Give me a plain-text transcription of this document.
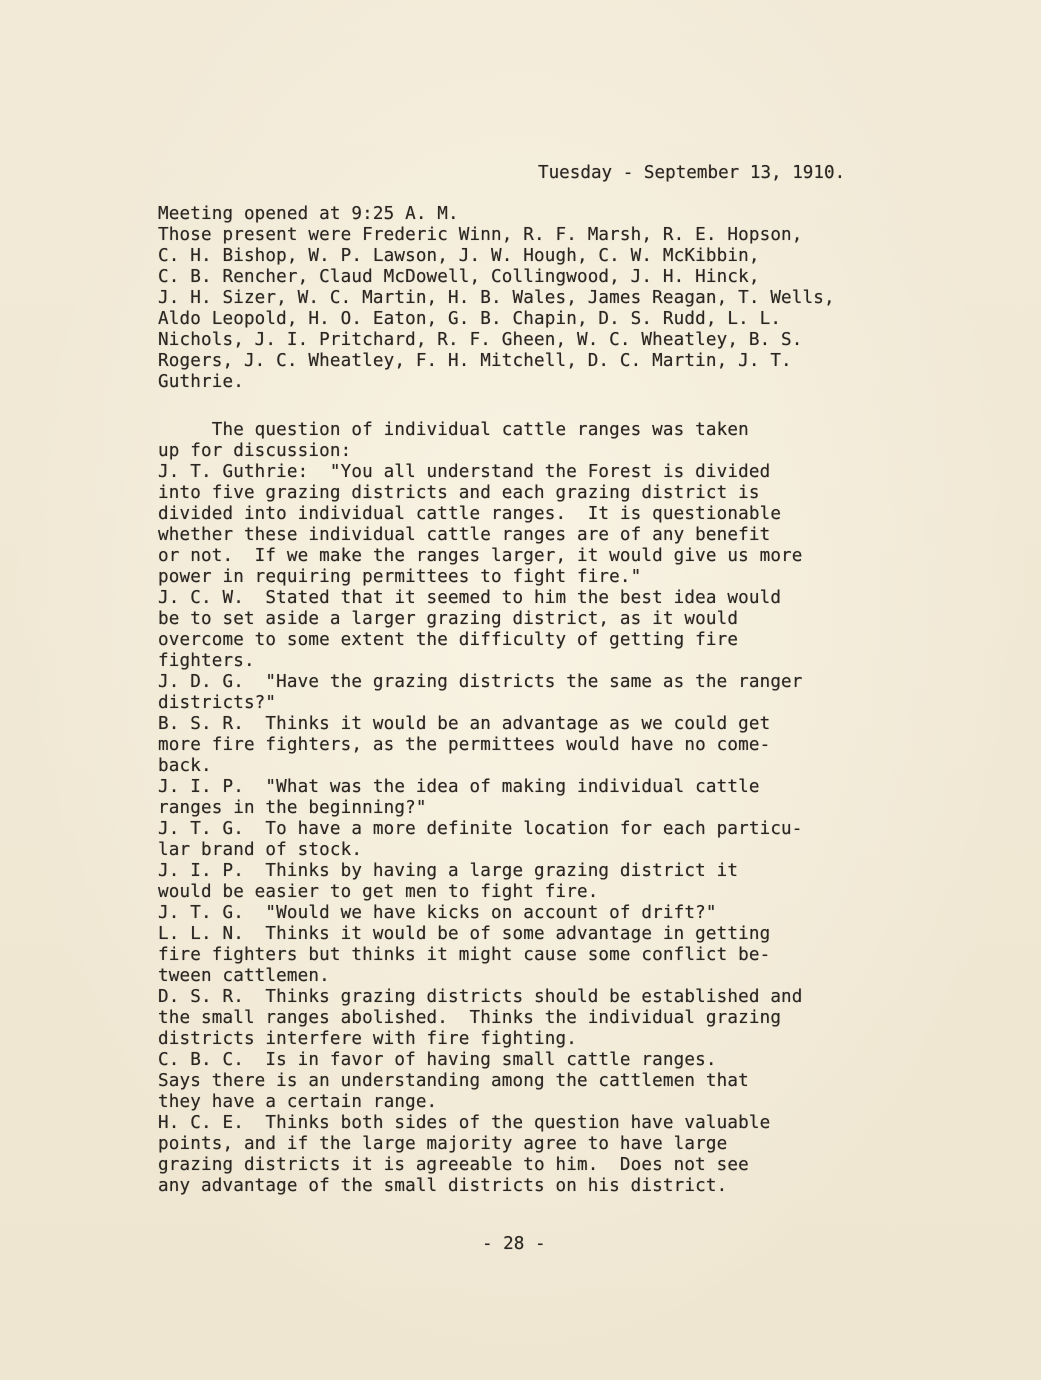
Tuesday - September 13, 1910.
Meeting opened at 9:25 A. M.
Those present were Frederic Winn, R. F. Marsh, R. E. Hopson,
C. H. Bishop, W. P. Lawson, J. W. Hough, C. W. McKibbin,
C. B. Rencher, Claud McDowell, Collingwood, J. H. Hinck,
J. H. Sizer, W. C. Martin, H. B. Wales, James Reagan, T. Wells,
Aldo Leopold, H. O. Eaton, G. B. Chapin, D. S. Rudd, L. L.
Nichols, J. I. Pritchard, R. F. Gheen, W. C. Wheatley, B. S.
Rogers, J. C. Wheatley, F. H. Mitchell, D. C. Martin, J. T.
Guthrie.
The question of individual cattle ranges was taken
up for discussion:
J. T. Guthrie:  "You all understand the Forest is divided
into five grazing districts and each grazing district is
divided into individual cattle ranges.  It is questionable
whether these individual cattle ranges are of any benefit
or not.  If we make the ranges larger, it would give us more
power in requiring permittees to fight fire."
J. C. W.  Stated that it seemed to him the best idea would
be to set aside a larger grazing district, as it would
overcome to some extent the difficulty of getting fire
fighters.
J. D. G.  "Have the grazing districts the same as the ranger
districts?"
B. S. R.  Thinks it would be an advantage as we could get
more fire fighters, as the permittees would have no come-
back.
J. I. P.  "What was the idea of making individual cattle
ranges in the beginning?"
J. T. G.  To have a more definite location for each particu-
lar brand of stock.
J. I. P.  Thinks by having a large grazing district it
would be easier to get men to fight fire.
J. T. G.  "Would we have kicks on account of drift?"
L. L. N.  Thinks it would be of some advantage in getting
fire fighters but thinks it might cause some conflict be-
tween cattlemen.
D. S. R.  Thinks grazing districts should be established and
the small ranges abolished.  Thinks the individual grazing
districts interfere with fire fighting.
C. B. C.  Is in favor of having small cattle ranges.
Says there is an understanding among the cattlemen that
they have a certain range.
H. C. E.  Thinks both sides of the question have valuable
points, and if the large majority agree to have large
grazing districts it is agreeable to him.  Does not see
any advantage of the small districts on his district.
- 28 -
